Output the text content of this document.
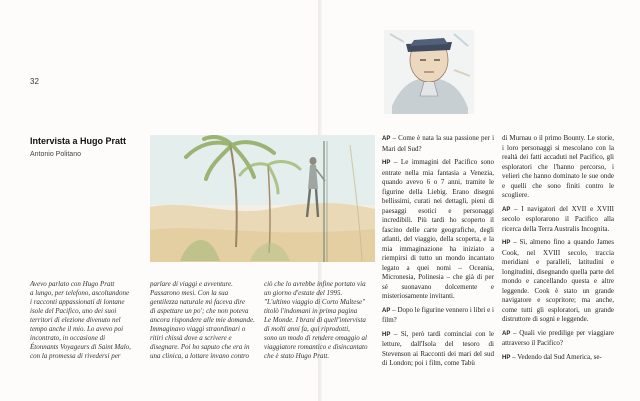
32
Intervista a Hugo Pratt
Antonio Politano

Avevo parlato con Hugo Pratt

a lungo, per telefono, ascoltandone

i racconti appassionati di lontane

isole del Pacifico, uno dei suoi

territori di elezione divenuto nel

tempo anche il mio. Lo avevo poi

incontrato, in occasione di

Étonnants Voyageurs di Saint Malo,

con la promessa di rivedersi per

parlare di viaggi e avventure.

Passarono mesi. Con la sua

gentilezza naturale mi faceva dire

di aspettare un po'; che non poteva

ancora rispondere alle mie domande.

Immaginavo viaggi straordinari o

ritiri chissà dove a scrivere e

disegnare. Poi ho saputo che era in

una clinica, a lottare invano contro

ciò che lo avrebbe infine portato via

un giorno d'estate del 1995.

"L'ultimo viaggio di Corto Maltese"

titolò l'indomani in prima pagina

Le Monde. I brani di quell'intervista

di molti anni fa, qui riprodotti,

sono un modo di rendere omaggio al

viaggiatore romantico e disincantato

che è stato Hugo Pratt.

AP – Come è nata la sua passione per i Mari del Sud?

HP – Le immagini del Pacifico sono entrate nella mia fantasia a Venezia, quando avevo 6 o 7 anni, tramite le figurine della Liebig. Erano disegni bellissimi, curati nei dettagli, pieni di paesaggi esotici e personaggi incredibili. Più tardi ho scoperto il fascino delle carte geografiche, degli atlanti, del viaggio, della scoperta, e la mia immaginazione ha iniziato a riempirsi di tutto un mondo incantato legato a quei nomi – Oceania, Micronesia, Polinesia – che già di per sé suonavano dolcemente e misteriosamente invitanti.

AP – Dopo le figurine vennero i libri e i film?

HP – Sì, però tardi cominciai con le letture, dall'Isola del tesoro di Stevenson ai Racconti dei mari del sud di London; poi i film, come Tabù

di Murnau o il primo Bounty. Le storie, i loro personaggi si mescolano con la realtà dei fatti accaduti nel Pacifico, gli esploratori che l'hanno percorso, i velieri che hanno dominato le sue onde e quelli che sono finiti contro le scogliere.

AP – I navigatori del XVII e XVIII secolo esplorarono il Pacifico alla ricerca della Terra Australis Incognita.

HP – Sì, almeno fino a quando James Cook, nel XVIII secolo, traccia meridiani e paralleli, latitudini e longitudini, disegnando quella parte del mondo e cancellando questa e altre leggende. Cook è stato un grande navigatore e scopritore; ma anche, come tutti gli esploratori, un grande distruttore di sogni e leggende.

AP – Quali vie predilige per viaggiare attraverso il Pacifico?

HP – Vedendo dal Sud America, se-
